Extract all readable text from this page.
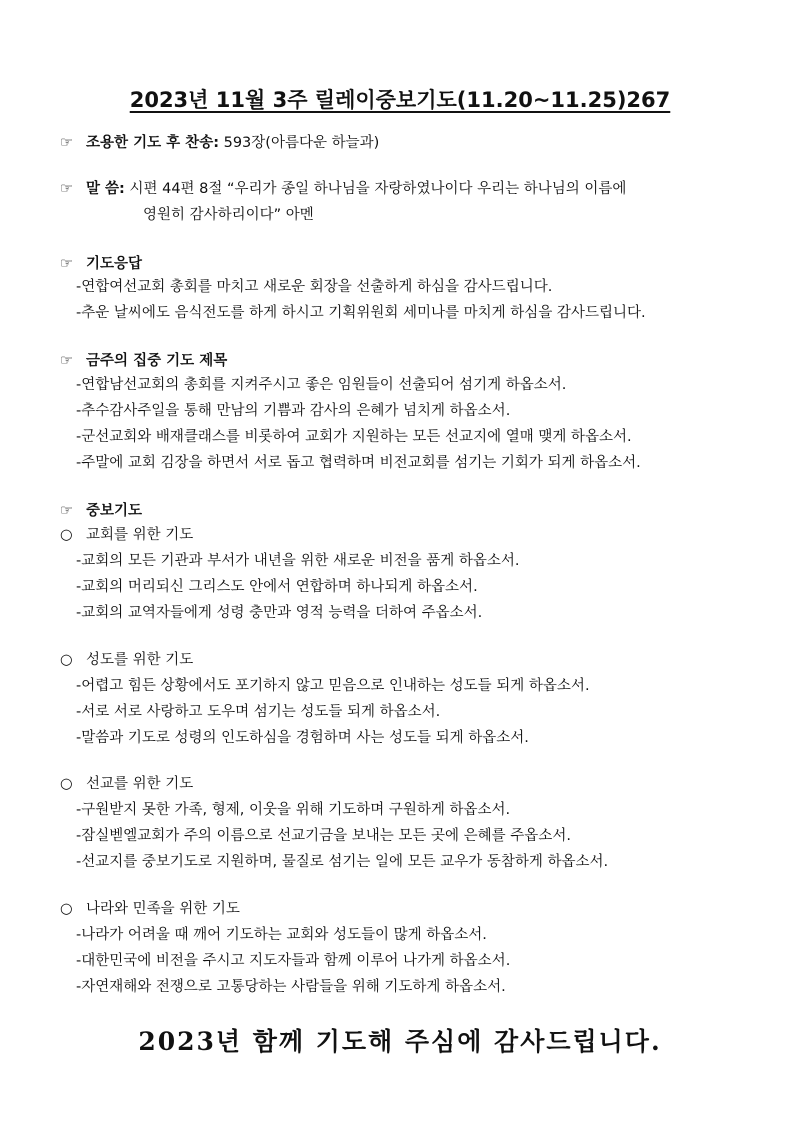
2023년 11월 3주 릴레이중보기도(11.20~11.25)267
☞ 조용한 기도 후 찬송: 593장(아름다운 하늘과)
☞ 말 씀: 시편 44편 8절 “우리가 종일 하나님을 자랑하였나이다 우리는 하나님의 이름에
영원히 감사하리이다” 아멘
☞ 기도응답
-연합여선교회 총회를 마치고 새로운 회장을 선출하게 하심을 감사드립니다.
-추운 날씨에도 음식전도를 하게 하시고 기획위원회 세미나를 마치게 하심을 감사드립니다.
☞ 금주의 집중 기도 제목
-연합남선교회의 총회를 지켜주시고 좋은 임원들이 선출되어 섬기게 하옵소서.
-추수감사주일을 통해 만남의 기쁨과 감사의 은혜가 넘치게 하옵소서.
-군선교회와 배재클래스를 비롯하여 교회가 지원하는 모든 선교지에 열매 맺게 하옵소서.
-주말에 교회 김장을 하면서 서로 돕고 협력하며 비전교회를 섬기는 기회가 되게 하옵소서.
☞ 중보기도
○ 교회를 위한 기도
-교회의 모든 기관과 부서가 내년을 위한 새로운 비전을 품게 하옵소서.
-교회의 머리되신 그리스도 안에서 연합하며 하나되게 하옵소서.
-교회의 교역자들에게 성령 충만과 영적 능력을 더하여 주옵소서.
○ 성도를 위한 기도
-어렵고 힘든 상황에서도 포기하지 않고 믿음으로 인내하는 성도들 되게 하옵소서.
-서로 서로 사랑하고 도우며 섬기는 성도들 되게 하옵소서.
-말씀과 기도로 성령의 인도하심을 경험하며 사는 성도들 되게 하옵소서.
○ 선교를 위한 기도
-구원받지 못한 가족, 형제, 이웃을 위해 기도하며 구원하게 하옵소서.
-잠실벧엘교회가 주의 이름으로 선교기금을 보내는 모든 곳에 은혜를 주옵소서.
-선교지를 중보기도로 지원하며, 물질로 섬기는 일에 모든 교우가 동참하게 하옵소서.
○ 나라와 민족을 위한 기도
-나라가 어려울 때 깨어 기도하는 교회와 성도들이 많게 하옵소서.
-대한민국에 비전을 주시고 지도자들과 함께 이루어 나가게 하옵소서.
-자연재해와 전쟁으로 고통당하는 사람들을 위해 기도하게 하옵소서.
2023년 함께 기도해 주심에 감사드립니다.
